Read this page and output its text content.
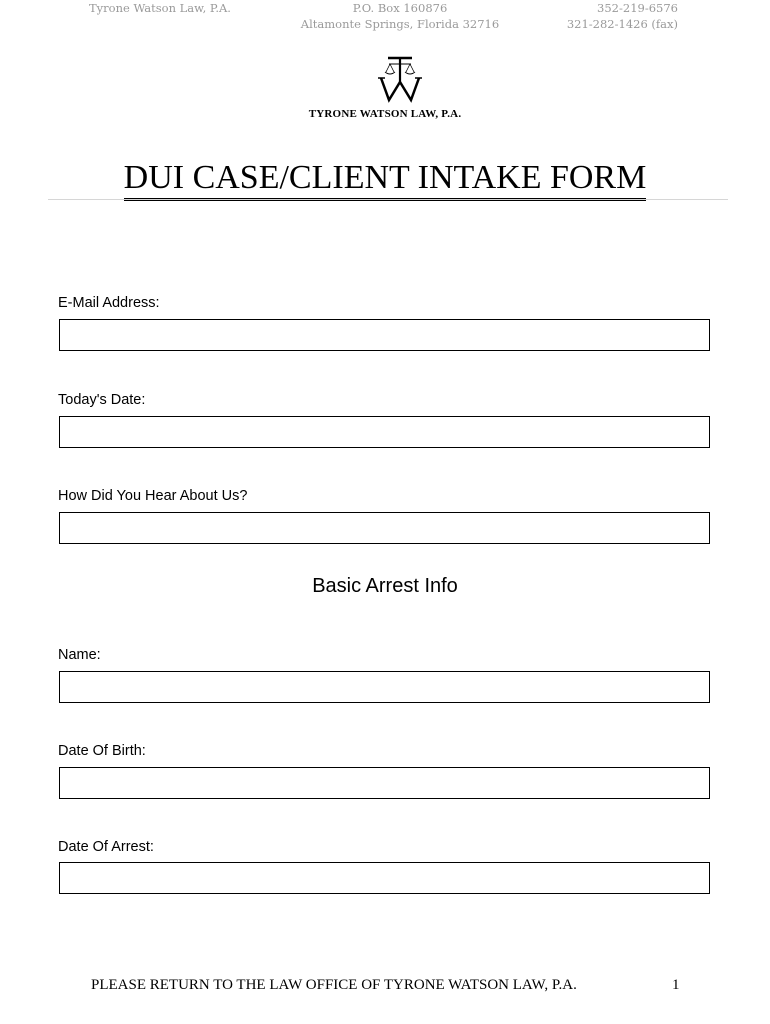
Tyrone Watson Law, P.A.	P.O. Box 160876
Altamonte Springs, Florida 32716
352-219-6576
321-282-1426 (fax)
TYRONE WATSON LAW, P.A.
DUI CASE/CLIENT INTAKE FORM
E-Mail Address:
Today's Date:
How Did You Hear About Us?
Basic Arrest Info
Name:
Date Of Birth:
Date Of Arrest:
PLEASE RETURN TO THE LAW OFFICE OF TYRONE WATSON LAW, P.A.	1
